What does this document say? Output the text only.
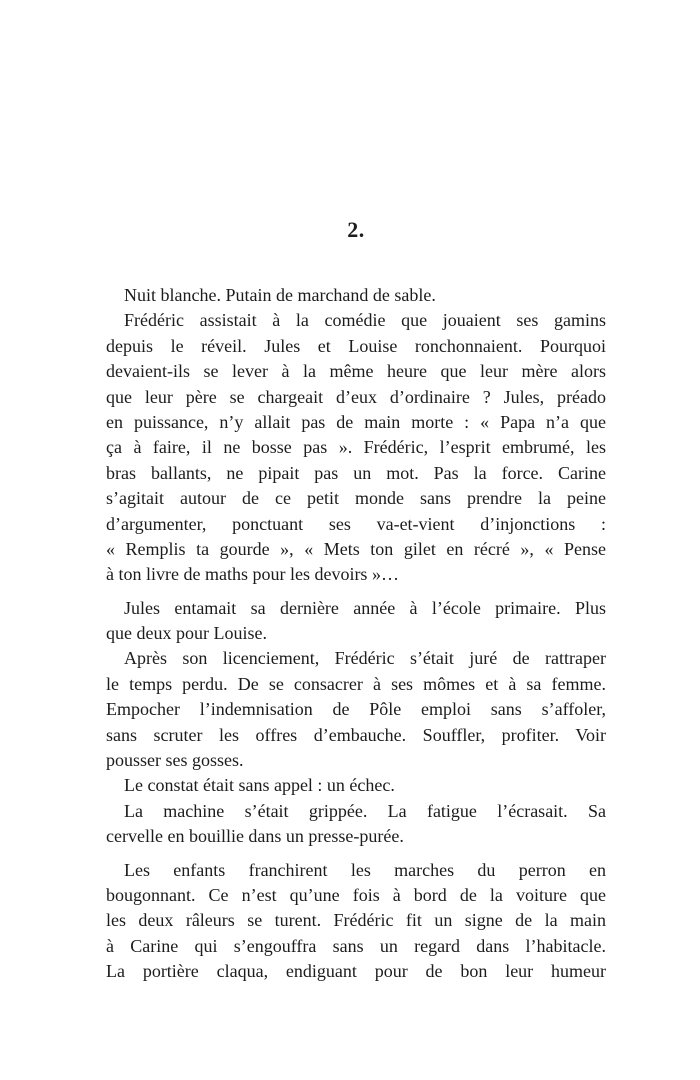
2.
Nuit blanche. Putain de marchand de sable.
Frédéric assistait à la comédie que jouaient ses gamins
depuis le réveil. Jules et Louise ronchonnaient. Pourquoi
devaient-ils se lever à la même heure que leur mère alors
que leur père se chargeait d’eux d’ordinaire ? Jules, préado
en puissance, n’y allait pas de main morte : « Papa n’a que
ça à faire, il ne bosse pas ». Frédéric, l’esprit embrumé, les
bras ballants, ne pipait pas un mot. Pas la force. Carine
s’agitait autour de ce petit monde sans prendre la peine
d’argumenter, ponctuant ses va-et-vient d’injonctions :
« Remplis ta gourde », « Mets ton gilet en récré », « Pense
à ton livre de maths pour les devoirs »…
Jules entamait sa dernière année à l’école primaire. Plus
que deux pour Louise.
Après son licenciement, Frédéric s’était juré de rattraper
le temps perdu. De se consacrer à ses mômes et à sa femme.
Empocher l’indemnisation de Pôle emploi sans s’affoler,
sans scruter les offres d’embauche. Souffler, profiter. Voir
pousser ses gosses.
Le constat était sans appel : un échec.
La machine s’était grippée. La fatigue l’écrasait. Sa
cervelle en bouillie dans un presse-purée.
Les enfants franchirent les marches du perron en
bougonnant. Ce n’est qu’une fois à bord de la voiture que
les deux râleurs se turent. Frédéric fit un signe de la main
à Carine qui s’engouffra sans un regard dans l’habitacle.
La portière claqua, endiguant pour de bon leur humeur
